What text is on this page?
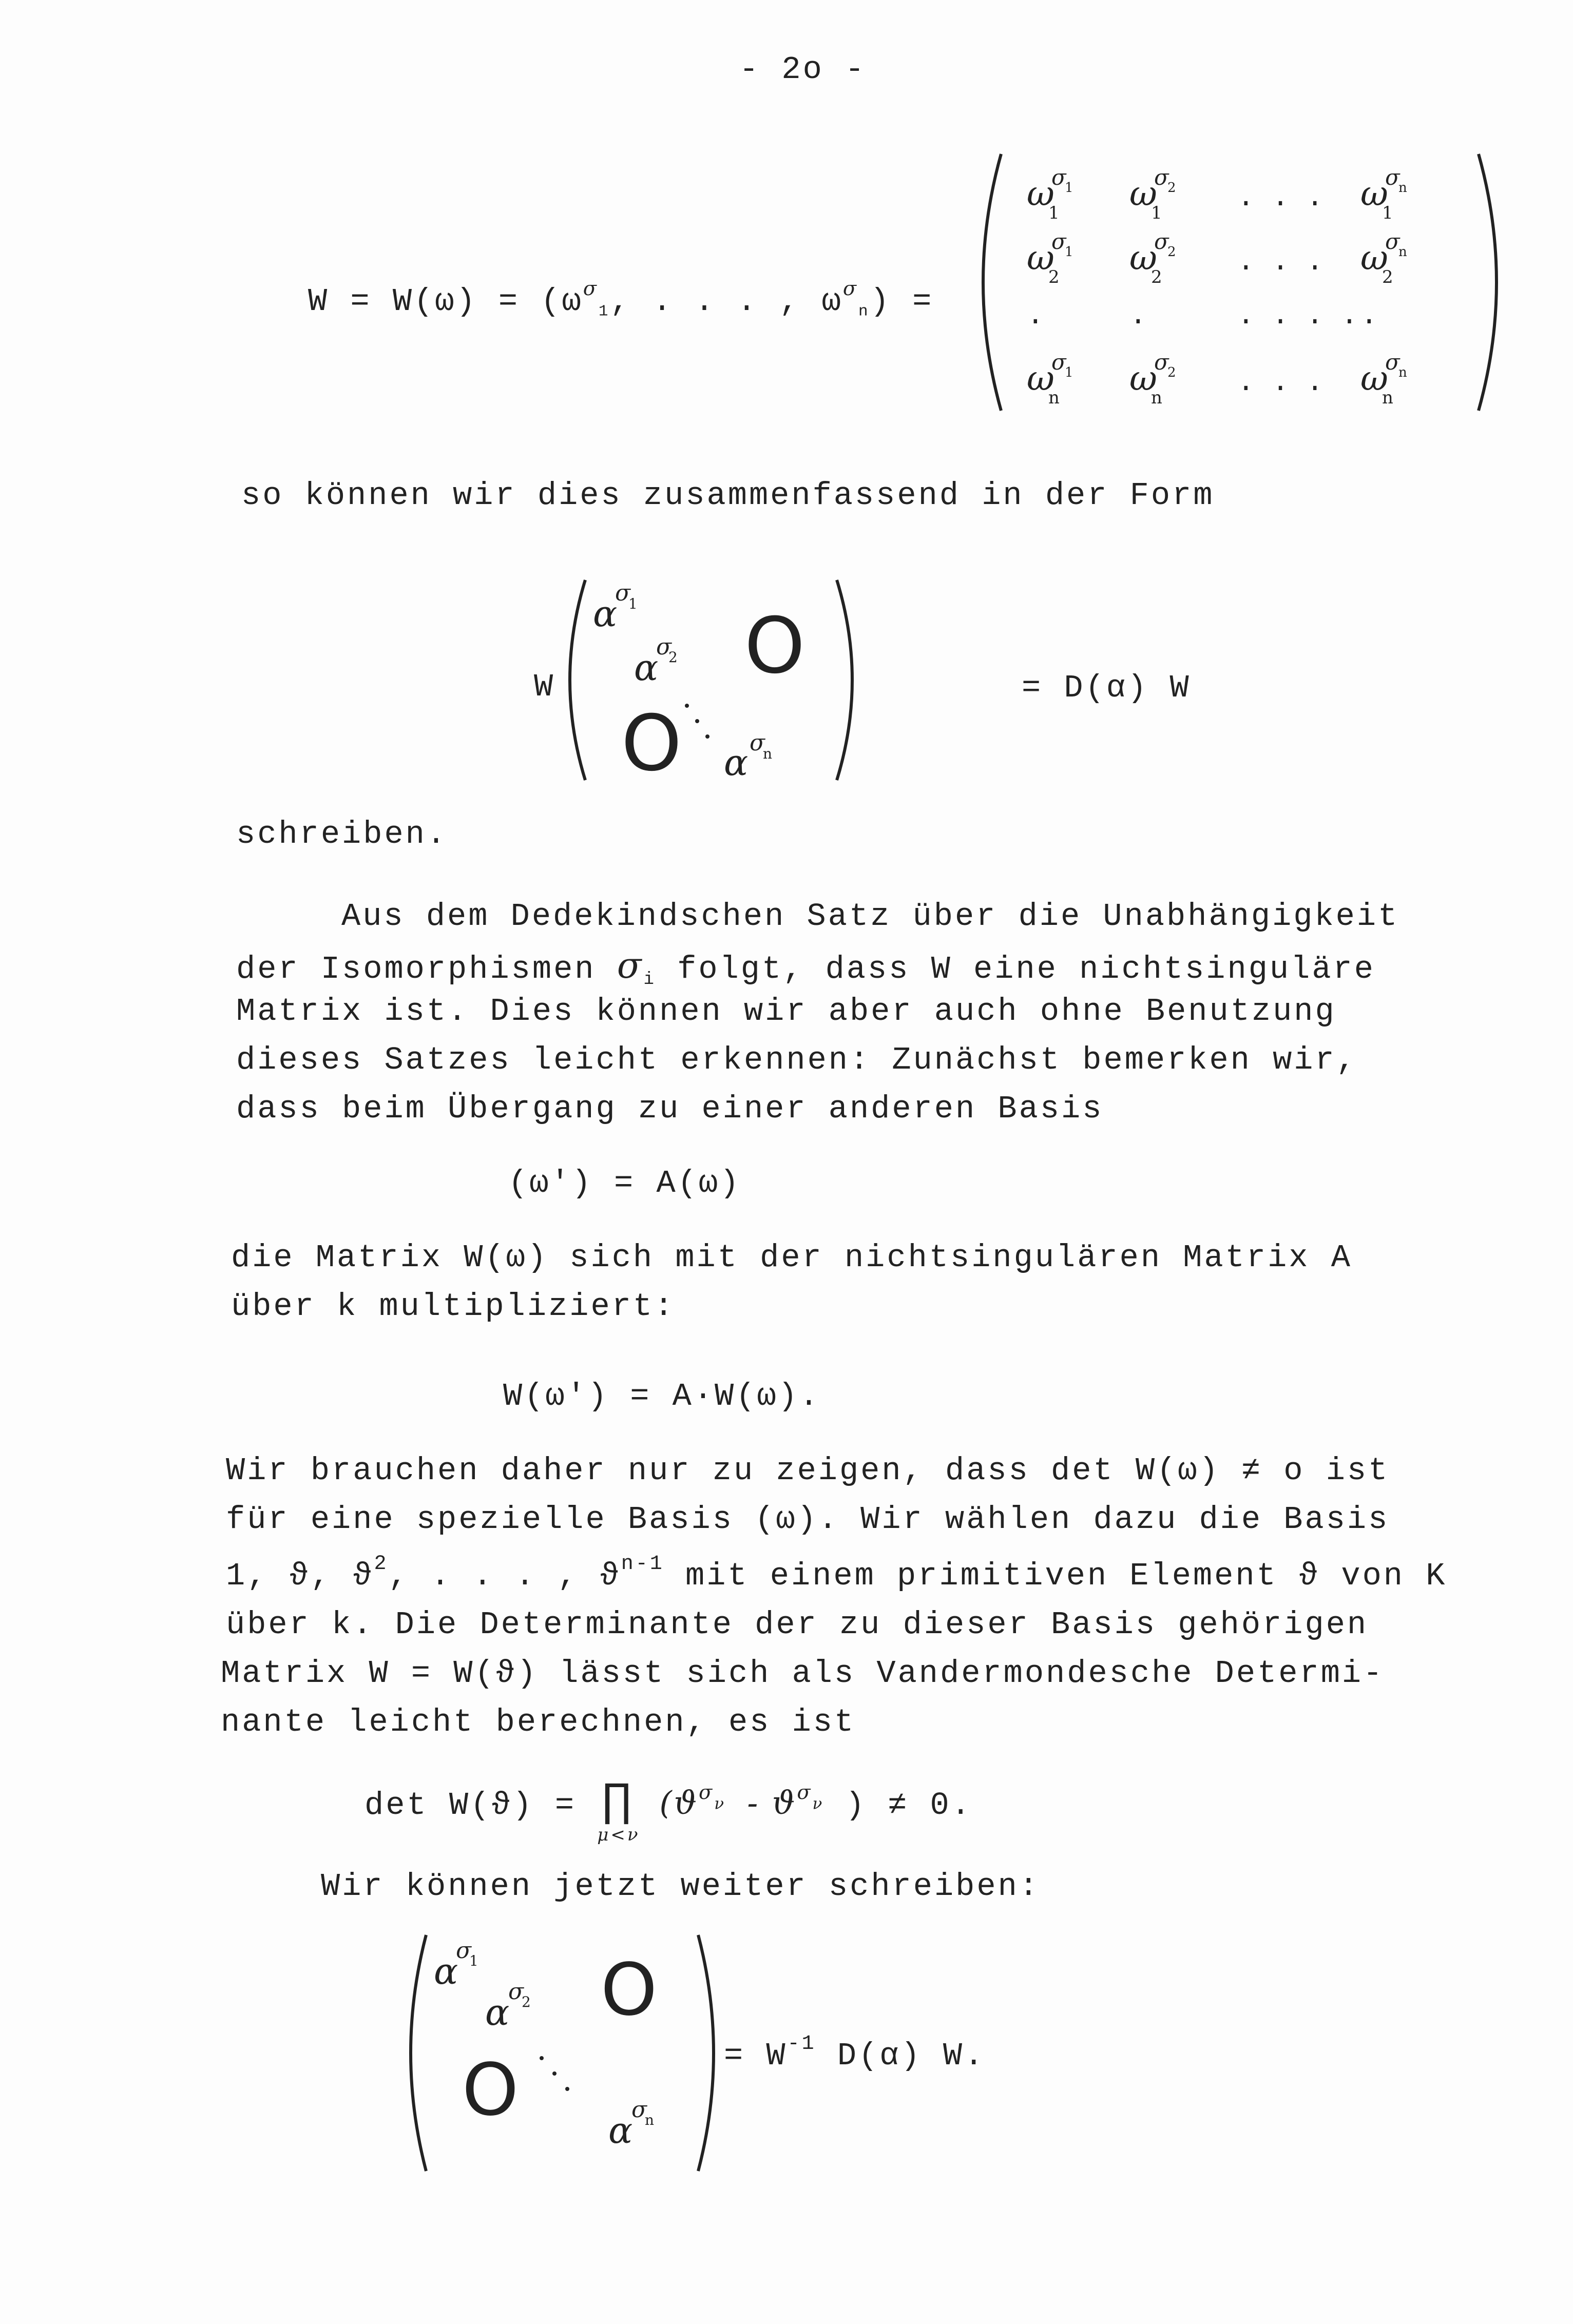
- 2o -
$W = W(\omega) = (\omega^\sigma_1$, . . . , $\omega^\sigma_n$) =
ω
1
σ
1 ω
1
σ
2 . . . ω
1
σ
n
ω
2
σ
1 ω
2
σ
2 . . . ω
2
σ
n
.	.	. . . . .
ω
n
σ
1 ω
n
σ
2 . . . ω
n
σ
n
so können wir dies zusammenfassend in der Form
W
α
σ
1
α
σ
2 O
O α σ
n
= D(α) W
schreiben.
Aus dem Dedekindschen Satz über die Unabhängigkeit
der Isomorphismen $\sigma_i$ folgt, dass W eine nichtsinguläre
Matrix ist. Dies können wir aber auch ohne Benutzung
dieses Satzes leicht erkennen: Zunächst bemerken wir,
dass beim Übergang zu einer anderen Basis
(ω') = A(ω)
die Matrix W(ω) sich mit der nichtsingulären Matrix A
über k multipliziert:
W(ω') = A·W(ω).
Wir brauchen daher nur zu zeigen, dass det W(ω) ≠ o ist
für eine spezielle Basis (ω). Wir wählen dazu die Basis
1, ϑ, $ϑ^2$, . . . , $ϑ^{n-1}$ mit einem primitiven Element ϑ von K
über k. Die Determinante der zu dieser Basis gehörigen
Matrix W = W(ϑ) lässt sich als Vandermondesche Determi-
nante leicht berechnen, es ist
det W(ϑ) = ∏
μ<ν
($ϑ^{\sigma\nu} - ϑ^{\sigma\nu}$ ) ≠ 0.
Wir können jetzt weiter schreiben:
α
σ
1
α
σ
2 O
O α
σ
n
= $W^{-1}$ D(α) W.
